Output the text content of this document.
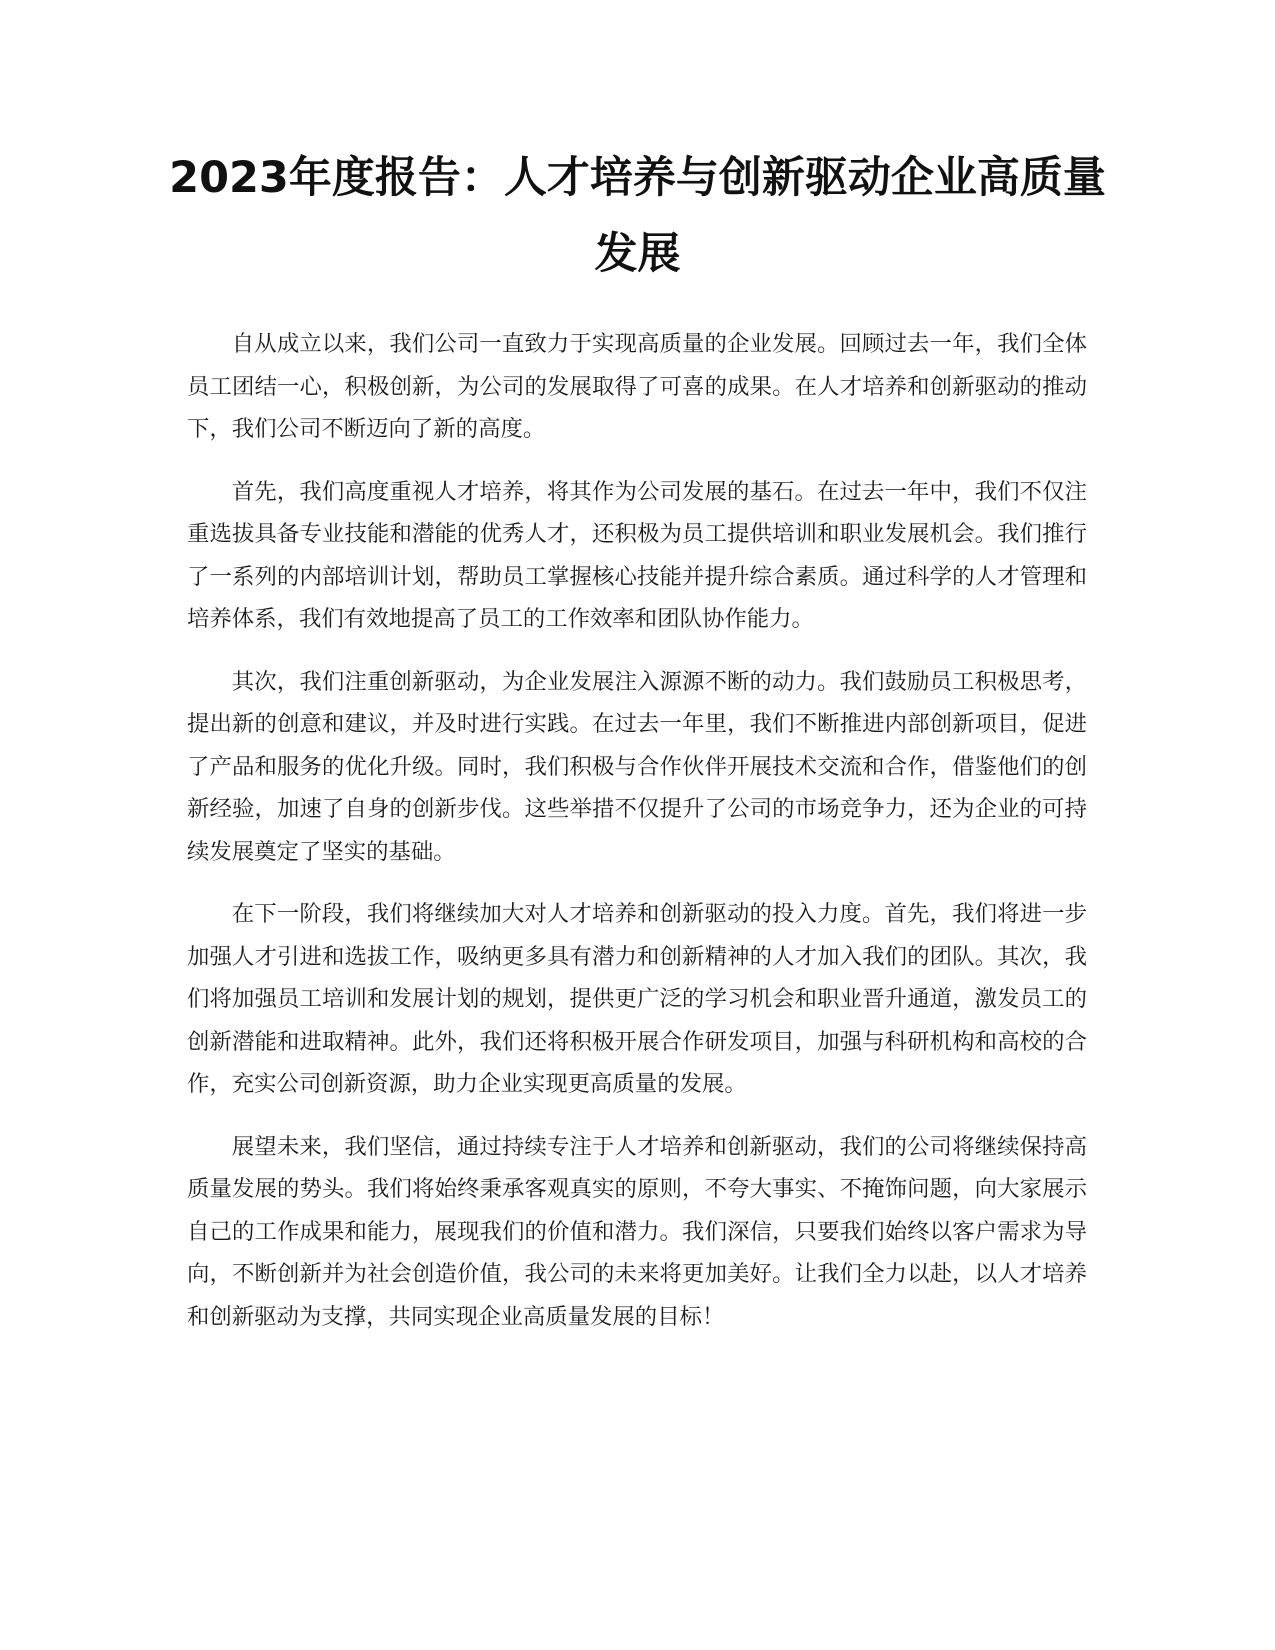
2023年度报告：人才培养与创新驱动企业高质量发展

自从成立以来，我们公司一直致力于实现高质量的企业发展。回顾过去一年，我们全体员工团结一心，积极创新，为公司的发展取得了可喜的成果。在人才培养和创新驱动的推动下，我们公司不断迈向了新的高度。

首先，我们高度重视人才培养，将其作为公司发展的基石。在过去一年中，我们不仅注重选拔具备专业技能和潜能的优秀人才，还积极为员工提供培训和职业发展机会。我们推行了一系列的内部培训计划，帮助员工掌握核心技能并提升综合素质。通过科学的人才管理和培养体系，我们有效地提高了员工的工作效率和团队协作能力。

其次，我们注重创新驱动，为企业发展注入源源不断的动力。我们鼓励员工积极思考，提出新的创意和建议，并及时进行实践。在过去一年里，我们不断推进内部创新项目，促进了产品和服务的优化升级。同时，我们积极与合作伙伴开展技术交流和合作，借鉴他们的创新经验，加速了自身的创新步伐。这些举措不仅提升了公司的市场竞争力，还为企业的可持续发展奠定了坚实的基础。

在下一阶段，我们将继续加大对人才培养和创新驱动的投入力度。首先，我们将进一步加强人才引进和选拔工作，吸纳更多具有潜力和创新精神的人才加入我们的团队。其次，我们将加强员工培训和发展计划的规划，提供更广泛的学习机会和职业晋升通道，激发员工的创新潜能和进取精神。此外，我们还将积极开展合作研发项目，加强与科研机构和高校的合作，充实公司创新资源，助力企业实现更高质量的发展。

展望未来，我们坚信，通过持续专注于人才培养和创新驱动，我们的公司将继续保持高质量发展的势头。我们将始终秉承客观真实的原则，不夸大事实、不掩饰问题，向大家展示自己的工作成果和能力，展现我们的价值和潜力。我们深信，只要我们始终以客户需求为导向，不断创新并为社会创造价值，我公司的未来将更加美好。让我们全力以赴，以人才培养和创新驱动为支撑，共同实现企业高质量发展的目标！
